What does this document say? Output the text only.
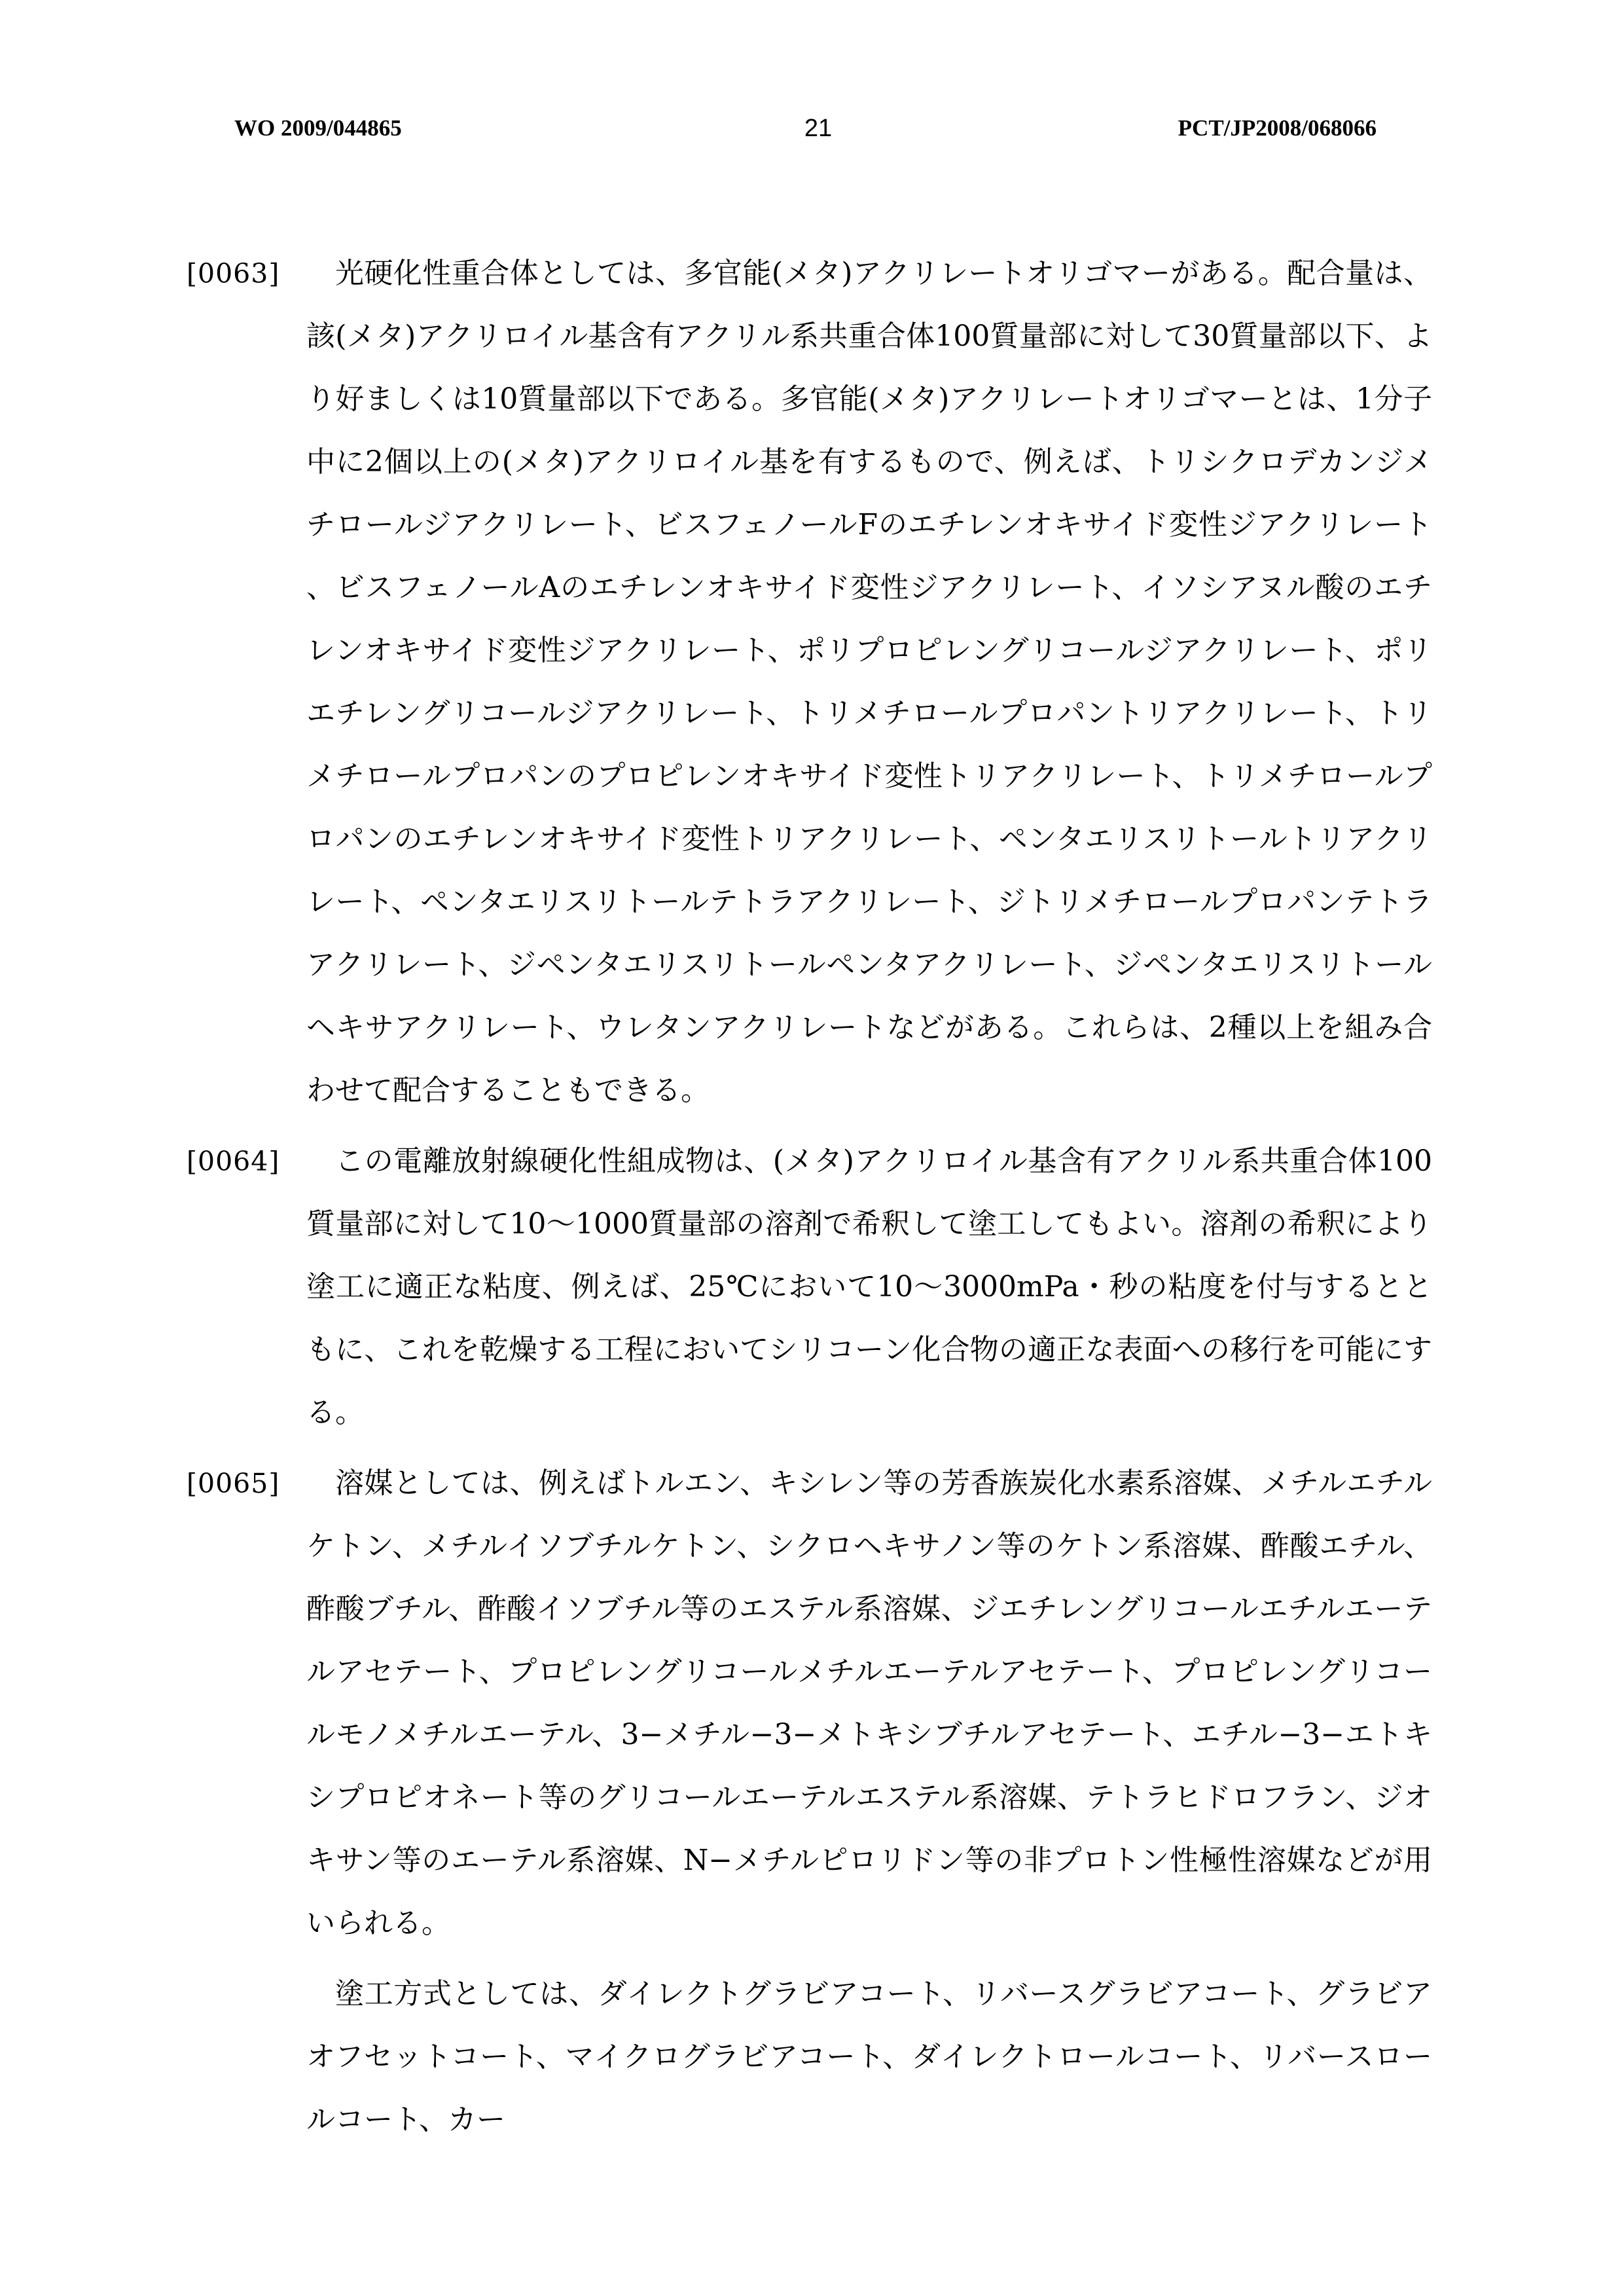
WO 2009/044865	21	PCT/JP2008/068066
[0063]	光硬化性重合体としては、多官能(メタ)アクリレートオリゴマーがある。配合量は、該(メタ)アクリロイル基含有アクリル系共重合体100質量部に対して30質量部以下、より好ましくは10質量部以下である。多官能(メタ)アクリレートオリゴマーとは、1分子中に2個以上の(メタ)アクリロイル基を有するもので、例えば、トリシクロデカンジメチロールジアクリレート、ビスフェノールFのエチレンオキサイド変性ジアクリレート、ビスフェノールAのエチレンオキサイド変性ジアクリレート、イソシアヌル酸のエチレンオキサイド変性ジアクリレート、ポリプロピレングリコールジアクリレート、ポリエチレングリコールジアクリレート、トリメチロールプロパントリアクリレート、トリメチロールプロパンのプロピレンオキサイド変性トリアクリレート、トリメチロールプロパンのエチレンオキサイド変性トリアクリレート、ペンタエリスリトールトリアクリレート、ペンタエリスリトールテトラアクリレート、ジトリメチロールプロパンテトラアクリレート、ジペンタエリスリトールペンタアクリレート、ジペンタエリスリトールヘキサアクリレート、ウレタンアクリレートなどがある。これらは、2種以上を組み合わせて配合することもできる。
[0064]	この電離放射線硬化性組成物は、(メタ)アクリロイル基含有アクリル系共重合体100質量部に対して10〜1000質量部の溶剤で希釈して塗工してもよい。溶剤の希釈により塗工に適正な粘度、例えば、25℃において10〜3000mPa・秒の粘度を付与するとともに、これを乾燥する工程においてシリコーン化合物の適正な表面への移行を可能にする。
[0065]	溶媒としては、例えばトルエン、キシレン等の芳香族炭化水素系溶媒、メチルエチルケトン、メチルイソブチルケトン、シクロヘキサノン等のケトン系溶媒、酢酸エチル、酢酸ブチル、酢酸イソブチル等のエステル系溶媒、ジエチレングリコールエチルエーテルアセテート、プロピレングリコールメチルエーテルアセテート、プロピレングリコールモノメチルエーテル、3−メチル−3−メトキシブチルアセテート、エチル−3−エトキシプロピオネート等のグリコールエーテルエステル系溶媒、テトラヒドロフラン、ジオキサン等のエーテル系溶媒、N−メチルピロリドン等の非プロトン性極性溶媒などが用いられる。
塗工方式としては、ダイレクトグラビアコート、リバースグラビアコート、グラビアオフセットコート、マイクログラビアコート、ダイレクトロールコート、リバースロールコート、カー
